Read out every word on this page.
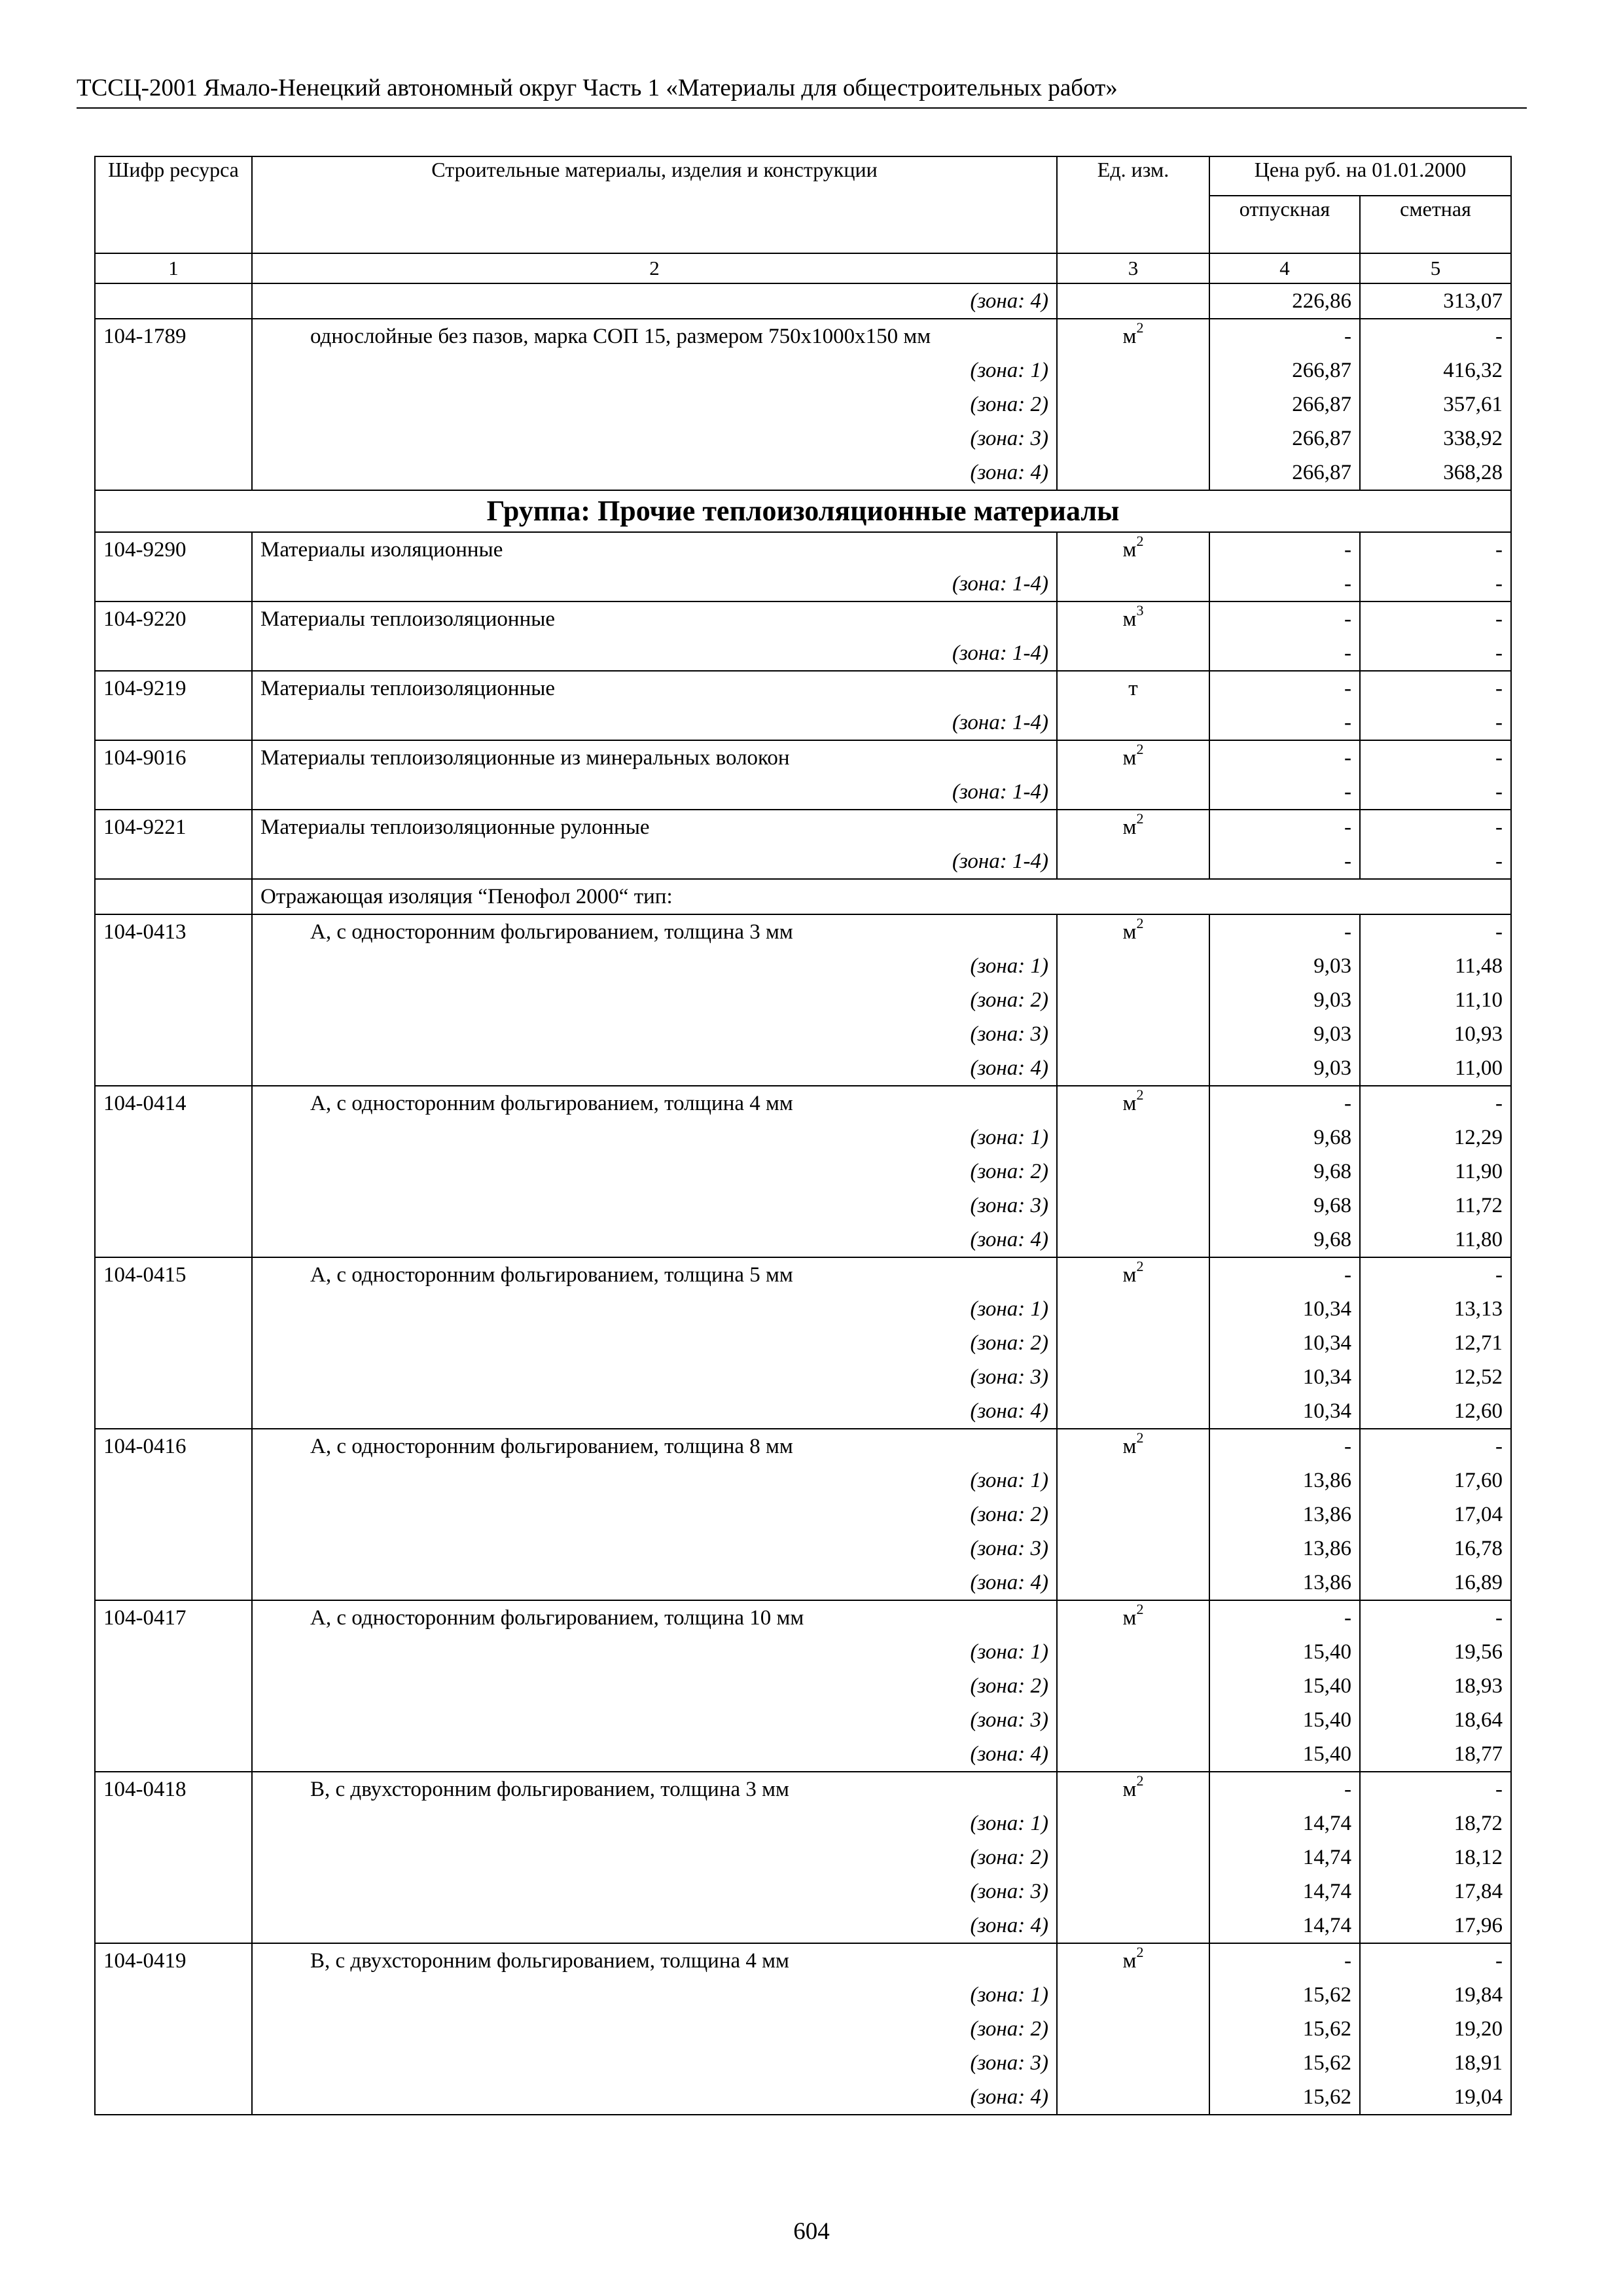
ТССЦ-2001 Ямало-Ненецкий автономный округ Часть 1 «Материалы для общестроительных работ»
Шифр ресурса	Строительные материалы, изделия и конструкции	Ед. изм.	Цена руб. на 01.01.2000	
			отпускная	сметная
1	2	3	4	5
	(зона: 4)		226,86	313,07
104-1789	однослойные без пазов, марка СОП 15, размером 750х1000х150 мм	$м^2$	-	-
	(зона: 1)		266,87	416,32
	(зона: 2)		266,87	357,61
	(зона: 3)		266,87	338,92
	(зона: 4)		266,87	368,28
Группа: Прочие теплоизоляционные материалы				
104-9290	Материалы изоляционные	$м^2$	-	-
	(зона: 1-4)		-	-
104-9220	Материалы теплоизоляционные	$м^3$	-	-
	(зона: 1-4)		-	-
104-9219	Материалы теплоизоляционные	т	-	-
	(зона: 1-4)		-	-
104-9016	Материалы теплоизоляционные из минеральных волокон	$м^2$	-	-
	(зона: 1-4)		-	-
104-9221	Материалы теплоизоляционные рулонные	$м^2$	-	-
	(зона: 1-4)		-	-
	Отражающая изоляция “Пенофол 2000“ тип:			
104-0413	А, с односторонним фольгированием, толщина 3 мм	$м^2$	-	-
	(зона: 1)		9,03	11,48
	(зона: 2)		9,03	11,10
	(зона: 3)		9,03	10,93
	(зона: 4)		9,03	11,00
104-0414	А, с односторонним фольгированием, толщина 4 мм	$м^2$	-	-
	(зона: 1)		9,68	12,29
	(зона: 2)		9,68	11,90
	(зона: 3)		9,68	11,72
	(зона: 4)		9,68	11,80
104-0415	А, с односторонним фольгированием, толщина 5 мм	$м^2$	-	-
	(зона: 1)		10,34	13,13
	(зона: 2)		10,34	12,71
	(зона: 3)		10,34	12,52
	(зона: 4)		10,34	12,60
104-0416	А, с односторонним фольгированием, толщина 8 мм	$м^2$	-	-
	(зона: 1)		13,86	17,60
	(зона: 2)		13,86	17,04
	(зона: 3)		13,86	16,78
	(зона: 4)		13,86	16,89
104-0417	А, с односторонним фольгированием, толщина 10 мм	$м^2$	-	-
	(зона: 1)		15,40	19,56
	(зона: 2)		15,40	18,93
	(зона: 3)		15,40	18,64
	(зона: 4)		15,40	18,77
104-0418	В, с двухсторонним фольгированием, толщина 3 мм	$м^2$	-	-
	(зона: 1)		14,74	18,72
	(зона: 2)		14,74	18,12
	(зона: 3)		14,74	17,84
	(зона: 4)		14,74	17,96
104-0419	В, с двухсторонним фольгированием, толщина 4 мм	$м^2$	-	-
	(зона: 1)		15,62	19,84
	(зона: 2)		15,62	19,20
	(зона: 3)		15,62	18,91
	(зона: 4)		15,62	19,04
604
